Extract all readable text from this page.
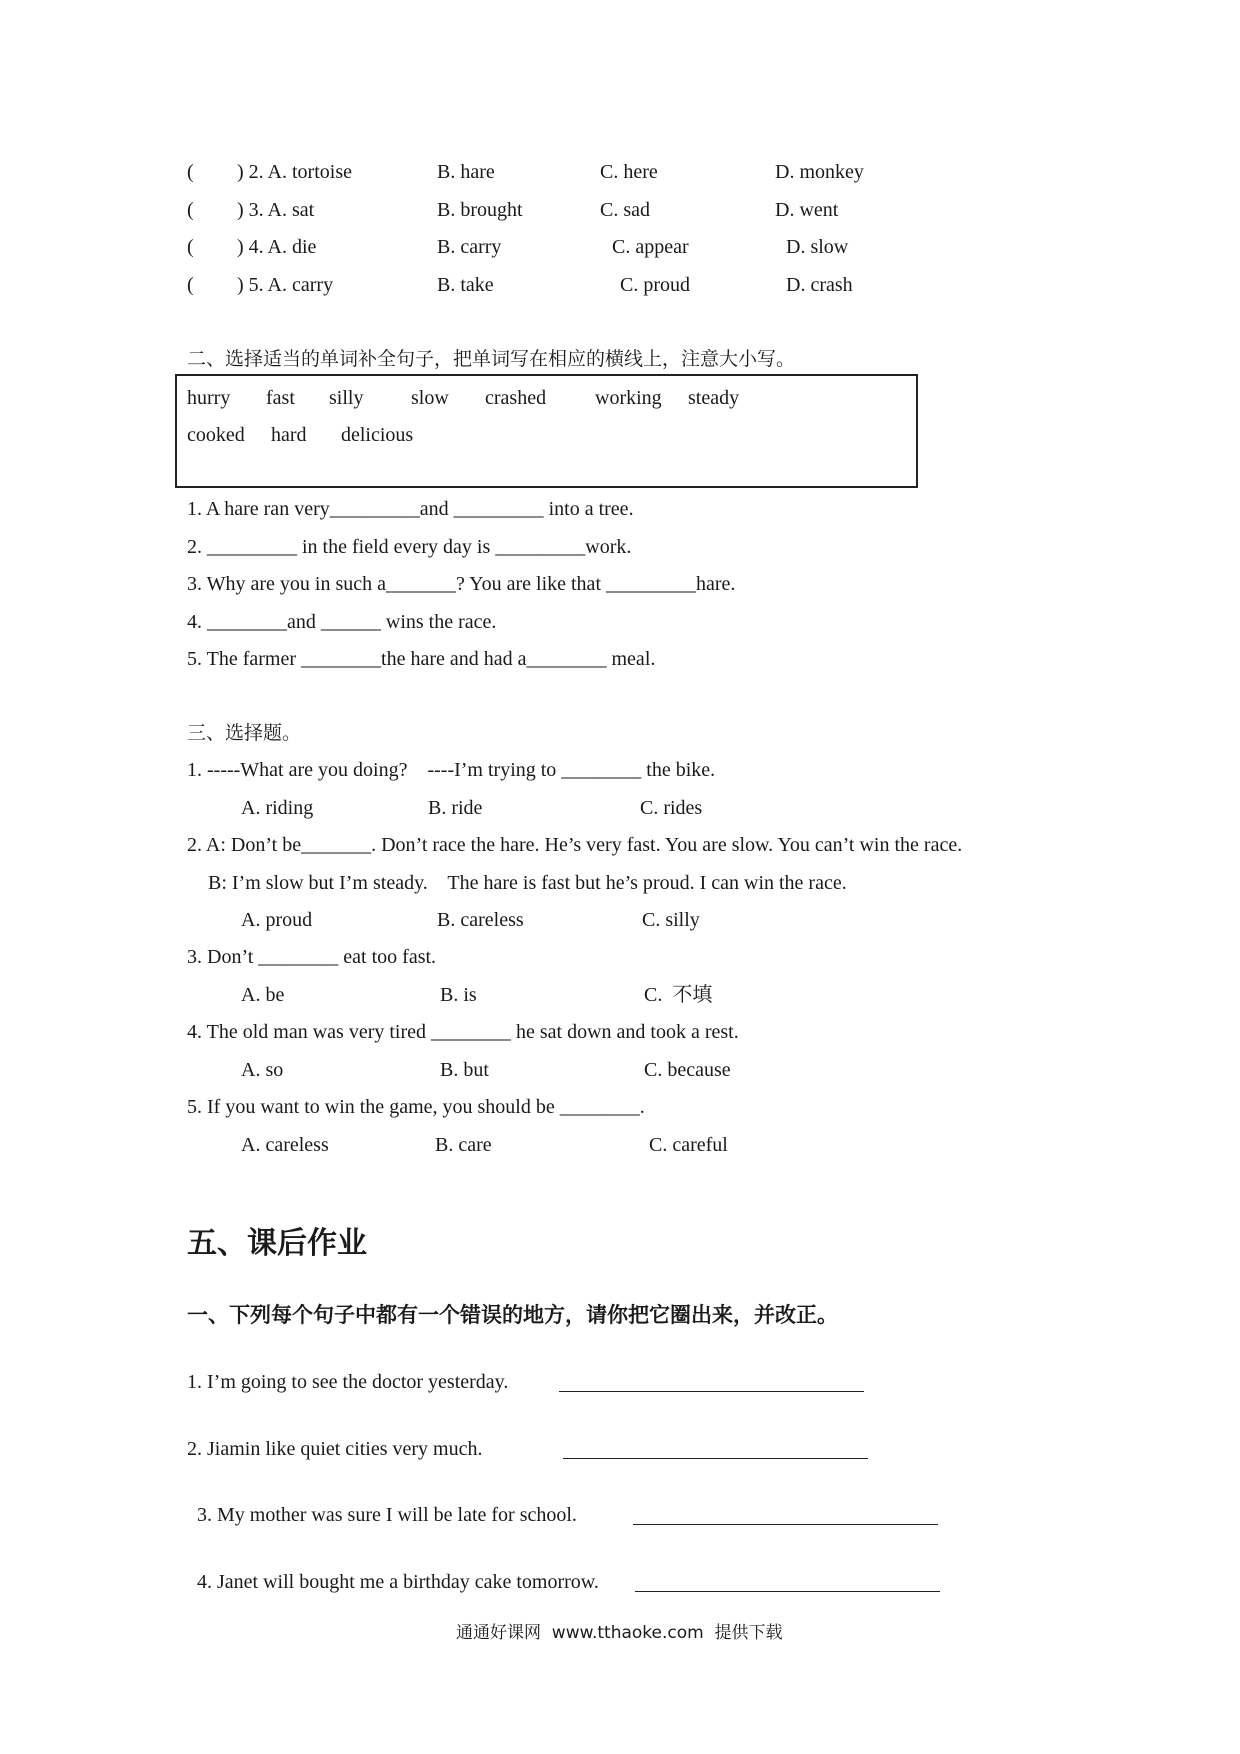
( ) 2. A. tortoise	B. hare	C. here	D. monkey
( ) 3. A. sat	B. brought	C. sad	D. went
( ) 4. A. die	B. carry	C. appear	D. slow
( ) 5. A. carry	B. take	C. proud	D. crash
二、选择适当的单词补全句子，把单词写在相应的横线上，注意大小写。
hurry fast silly slow crashed working steady
cooked hard delicious
1. A hare ran very_________and _________ into a tree.
2. _________ in the field every day is _________work.
3. Why are you in such a_______? You are like that _________hare.
4. ________and ______ wins the race.
5. The farmer ________the hare and had a________ meal.
三、选择题。
1. -----What are you doing?    ----I’m trying to ________ the bike.
A. riding	B. ride	C. rides
2. A: Don’t be_______. Don’t race the hare. He’s very fast. You are slow. You can’t win the race.
B: I’m slow but I’m steady.    The hare is fast but he’s proud. I can win the race.
A. proud	B. careless	C. silly
3. Don’t ________ eat too fast.
A. be	B. is	C.  不填
4. The old man was very tired ________ he sat down and took a rest.
A. so	B. but	C. because
5. If you want to win the game, you should be ________.
A. careless	B. care	C. careful
五、课后作业
一、下列每个句子中都有一个错误的地方，请你把它圈出来，并改正。
1. I’m going to see the doctor yesterday.
2. Jiamin like quiet cities very much.
3. My mother was sure I will be late for school.
4. Janet will bought me a birthday cake tomorrow.
通通好课网  www.tthaoke.com  提供下载
